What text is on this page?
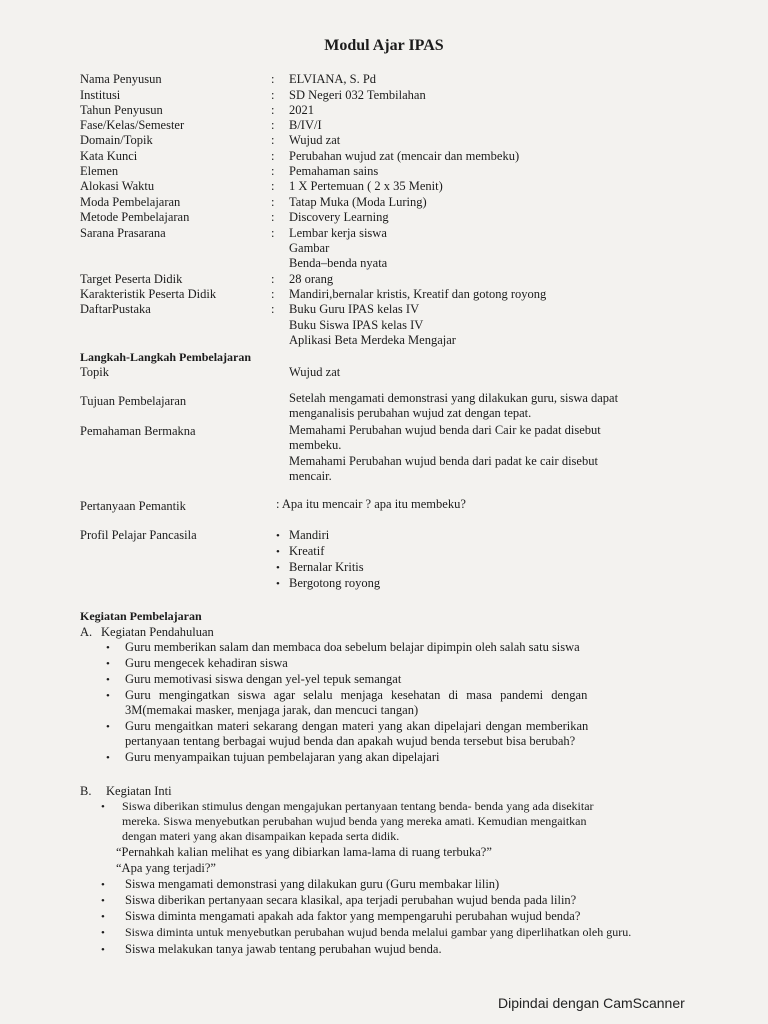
Modul Ajar IPAS
Nama Penyusun	: ELVIANA, S. Pd
Institusi	: SD Negeri 032 Tembilahan
Tahun Penyusun	: 2021
Fase/Kelas/Semester	: B/IV/I
Domain/Topik	: Wujud zat
Kata Kunci	: Perubahan wujud zat (mencair dan membeku)
Elemen	: Pemahaman sains
Alokasi Waktu	: 1 X Pertemuan ( 2 x 35 Menit)
Moda Pembelajaran	: Tatap Muka (Moda Luring)
Metode Pembelajaran	: Discovery Learning
Sarana Prasarana	: Lembar kerja siswa
Gambar
Benda–benda nyata
Target Peserta Didik	: 28 orang
Karakteristik Peserta Didik	: Mandiri,bernalar kristis, Kreatif dan gotong royong
DaftarPustaka	: Buku Guru IPAS kelas IV
Buku Siswa IPAS kelas IV
Aplikasi Beta Merdeka Mengajar
Langkah-Langkah Pembelajaran
Topik	Wujud zat
Tujuan Pembelajaran	Setelah mengamati demonstrasi yang dilakukan guru, siswa dapat
menganalisis perubahan wujud zat dengan tepat.
Pemahaman Bermakna	Memahami Perubahan wujud benda dari Cair ke padat disebut
membeku.
Memahami Perubahan wujud benda dari padat ke cair disebut
mencair.
Pertanyaan Pemantik	: Apa itu mencair ? apa itu membeku?
Profil Pelajar Pancasila	• Mandiri
• Kreatif
• Bernalar Kritis
• Bergotong royong
Kegiatan Pembelajaran
A. Kegiatan Pendahuluan
• Guru memberikan salam dan membaca doa sebelum belajar dipimpin oleh salah satu siswa
• Guru mengecek kehadiran siswa
• Guru memotivasi siswa dengan yel-yel tepuk semangat
• Guru mengingatkan siswa agar selalu menjaga kesehatan di masa pandemi dengan
3M(memakai masker, menjaga jarak, dan mencuci tangan)
• Guru mengaitkan materi sekarang dengan materi yang akan dipelajari dengan memberikan
pertanyaan tentang berbagai wujud benda dan apakah wujud benda tersebut bisa berubah?
• Guru menyampaikan tujuan pembelajaran yang akan dipelajari
B. Kegiatan Inti
• Siswa diberikan stimulus dengan mengajukan pertanyaan tentang benda- benda yang ada disekitar
mereka. Siswa menyebutkan perubahan wujud benda yang mereka amati. Kemudian mengaitkan
dengan materi yang akan disampaikan kepada serta didik.
“Pernahkah kalian melihat es yang dibiarkan lama-lama di ruang terbuka?”
“Apa yang terjadi?”
• Siswa mengamati demonstrasi yang dilakukan guru (Guru membakar lilin)
• Siswa diberikan pertanyaan secara klasikal, apa terjadi perubahan wujud benda pada lilin?
• Siswa diminta mengamati apakah ada faktor yang mempengaruhi perubahan wujud benda?
• Siswa diminta untuk menyebutkan perubahan wujud benda melalui gambar yang diperlihatkan oleh guru.
• Siswa melakukan tanya jawab tentang perubahan wujud benda.
Dipindai dengan CamScanner
